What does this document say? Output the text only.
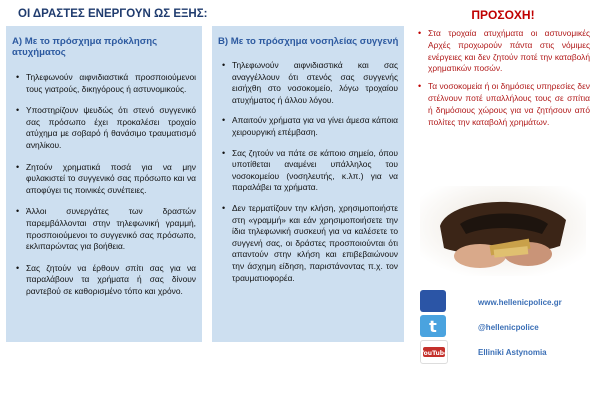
ΟΙ ΔΡΑΣΤΕΣ ΕΝΕΡΓΟΥΝ ΩΣ ΕΞΗΣ:
Α) Με το πρόσχημα πρόκλησης ατυχήματος
• Τηλεφωνούν αιφνιδιαστικά προσποιούμενοι τους γιατρούς, δικηγόρους ή αστυνομικούς.
• Υποστηρίζουν ψευδώς ότι στενό συγγενικό σας πρόσωπο έχει προκαλέσει τροχαίο ατύχημα με σοβαρό ή θανάσιμο τραυματισμό ανηλίκου.
• Ζητούν χρηματικά ποσά για να μην φυλακιστεί το συγγενικό σας πρόσωπο και να αποφύγει τις ποινικές συνέπειες.
• Άλλοι συνεργάτες των δραστών παρεμβάλλονται στην τηλεφωνική γραμμή, προσποιούμενοι το συγγενικό σας πρόσωπο, εκλιπαρώντας για βοήθεια.
• Σας ζητούν να έρθουν σπίτι σας για να παραλάβουν τα χρήματα ή σας δίνουν ραντεβού σε καθορισμένο τόπο και χρόνο.
Β) Με το πρόσχημα νοσηλείας συγγενή
• Τηλεφωνούν αιφνιδιαστικά και σας αναγγέλλουν ότι στενός σας συγγενής εισήχθη στο νοσοκομείο, λόγω τροχαίου ατυχήματος ή άλλου λόγου.
• Απαιτούν χρήματα για να γίνει άμεσα κάποια χειρουργική επέμβαση.
• Σας ζητούν να πάτε σε κάποιο σημείο, όπου υποτίθεται αναμένει υπάλληλος του νοσοκομείου (νοσηλευτής, κ.λπ.) για να παραλάβει τα χρήματα.
• Δεν τερματίζουν την κλήση, χρησιμοποιήστε στη «γραμμή» και εάν χρησιμοποιήσετε την ίδια τηλεφωνική συσκευή για να καλέσετε το συγγενή σας, οι δράστες προσποιούνται ότι απαντούν στην κλήση και επιβεβαιώνουν την άσχημη είδηση, παριστάνοντας π.χ. τον τραυματιοφορέα.
ΠΡΟΣΟΧΗ!
• Στα τροχαία ατυχήματα οι αστυνομικές Αρχές προχωρούν πάντα στις νόμιμες ενέργειες και δεν ζητούν ποτέ την καταβολή χρηματικών ποσών.
• Τα νοσοκομεία ή οι δημόσιες υπηρεσίες δεν στέλνουν ποτέ υπαλλήλους τους σε σπίτια ή δημόσιους χώρους για να ζητήσουν από πολίτες την καταβολή χρημάτων.
www.hellenicpolice.gr
t	@hellenicpolice
YouTube	Elliniki Astynomia
